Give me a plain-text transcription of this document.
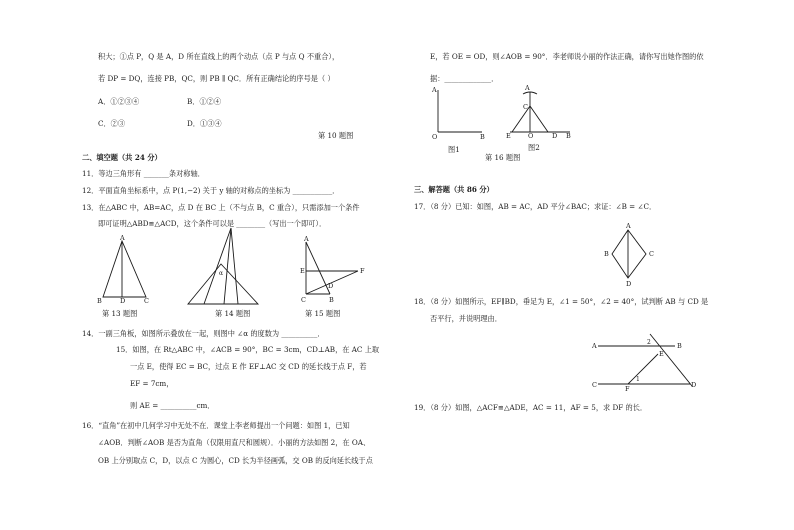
积大；①点 P，Q 是 A，D 所在直线上的两个动点（点 P 与点 Q 不重合），
若 DP = DQ，连接 PB，QC，则 PB ∥ QC．所有正确结论的序号是（ ）
A．①②③④	B．①②④
C．②③	D．①③④
第 10 题图
二、填空题（共 24 分）
11．等边三角形有 _______条对称轴．
12．平面直角坐标系中，点 P(1,−2) 关于 y 轴的对称点的坐标为 ___________．
13．在△ABC 中，AB=AC，点 D 在 BC 上（不与点 B，C 重合），只需添加一个条件
即可证明△ABD≌△ACD，这个条件可以是 ________（写出一个即可）．
A
B	D	C
第 13 题图
α
第 14 题图
A
E	F
D
B
C
第 15 题图
14．一副三角板，如图所示叠放在一起，则图中 ∠α 的度数为 __________．
15．如图，在 Rt△ABC 中，∠ACB = 90°，BC = 3cm，CD⊥AB，在 AC 上取
一点 E，使得 EC = BC，过点 E 作 EF⊥AC 交 CD 的延长线于点 F，若
EF = 7cm，
则 AE = __________cm．
16．“直角”在初中几何学习中无处不在．课堂上李老师提出一个问题：如图 1，已知
∠AOB．判断∠AOB 是否为直角（仅限用直尺和圆规）．小丽的方法如图 2，在 OA、
OB 上分别取点 C，D，以点 C 为圆心，CD 长为半径画弧，交 OB 的反向延长线于点
E，若 OE = OD，则∠AOB = 90°．李老师说小丽的作法正确，请你写出她作图的依
据：_____________．
A
O	B
A
C
E	O	D B
图1	图2
第 16 题图
三、解答题（共 86 分）
17．（8 分）已知：如图，AB = AC，AD 平分∠BAC；求证：∠B = ∠C．
A
B	C
D
18．（8 分）如图所示，EF∥BD，垂足为 E，∠1 = 50°，∠2 = 40°，试判断 AB 与 CD 是
否平行，并说明理由．
A	B
2
E
C	F
1
D
19．（8 分）如图，△ACF≌△ADE，AC = 11，AF = 5，求 DF 的长．
